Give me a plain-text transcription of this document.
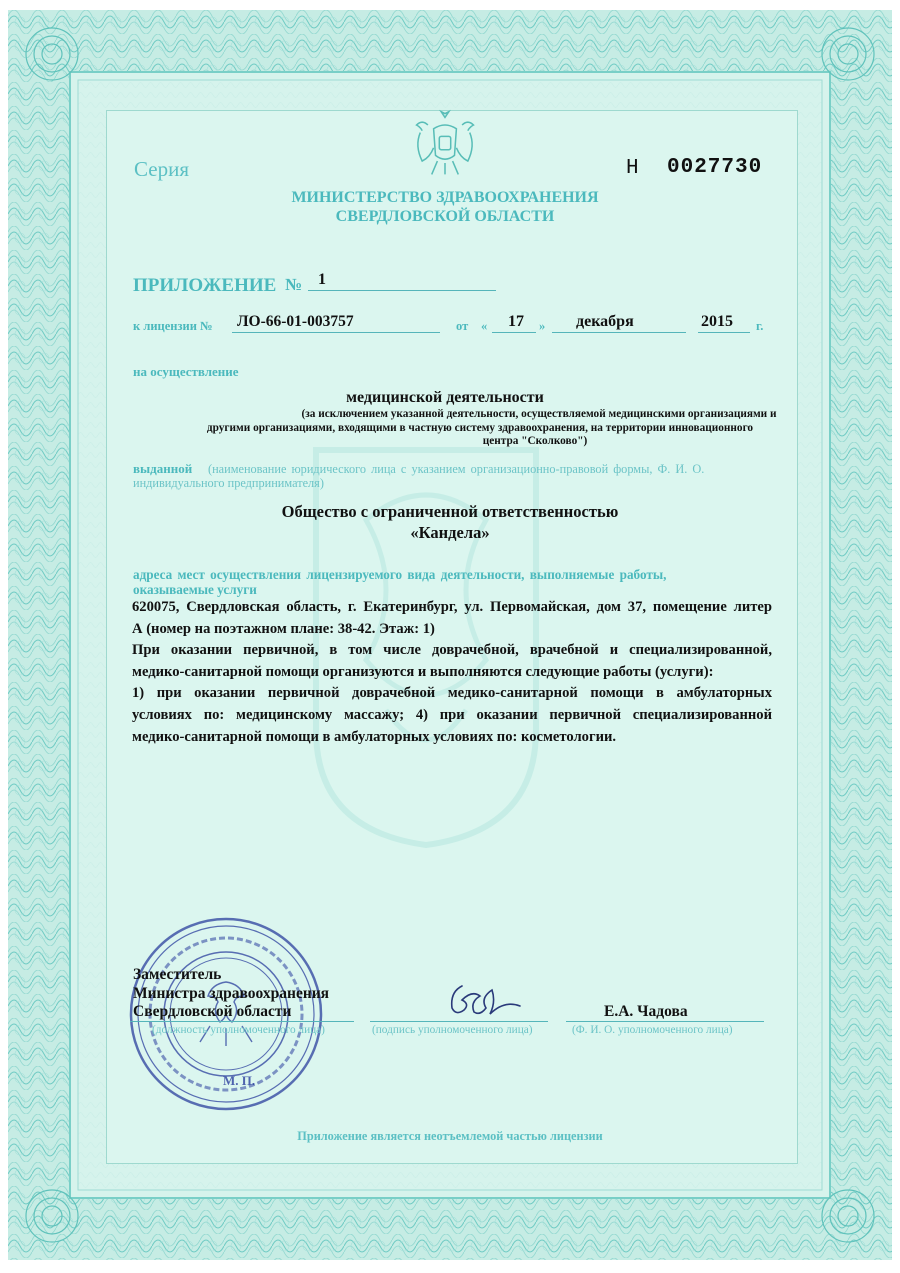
Серия	Н 0027730
МИНИСТЕРСТВО ЗДРАВООХРАНЕНИЯ
СВЕРДЛОВСКОЙ ОБЛАСТИ
ПРИЛОЖЕНИЕ № 1
к лицензии № ЛО-66-01-003757	от « 17 » декабря	2015 г.
на осуществление
медицинской деятельности
(за исключением указанной деятельности, осуществляемой медицинскими организациями и
другими организациями, входящими в частную систему здравоохранения, на территории инновационного
центра "Сколково")
выданной (наименование юридического лица с указанием организационно-правовой формы, Ф. И. О.
индивидуального предпринимателя)
Общество с ограниченной ответственностью
«Кандела»
адреса мест осуществления лицензируемого вида деятельности, выполняемые работы,
оказываемые услуги

620075, Свердловская область, г. Екатеринбург, ул. Первомайская, дом 37, помещение литер

А (номер на поэтажном плане: 38-42. Этаж: 1)

При оказании первичной, в том числе доврачебной, врачебной и специализированной,

медико-санитарной помощи организуются и выполняются следующие работы (услуги):

1) при оказании первичной доврачебной медико-санитарной помощи в амбулаторных

условиях по: медицинскому массажу; 4) при оказании первичной специализированной

медико-санитарной помощи в амбулаторных условиях по: косметологии.

М. П.
Заместитель
Министра здравоохранения
Свердловской области
(должность уполномоченного лица)	(подпись уполномоченного лица)
Е.А. Чадова
(Ф. И. О. уполномоченного лица)
Приложение является неотъемлемой частью лицензии
